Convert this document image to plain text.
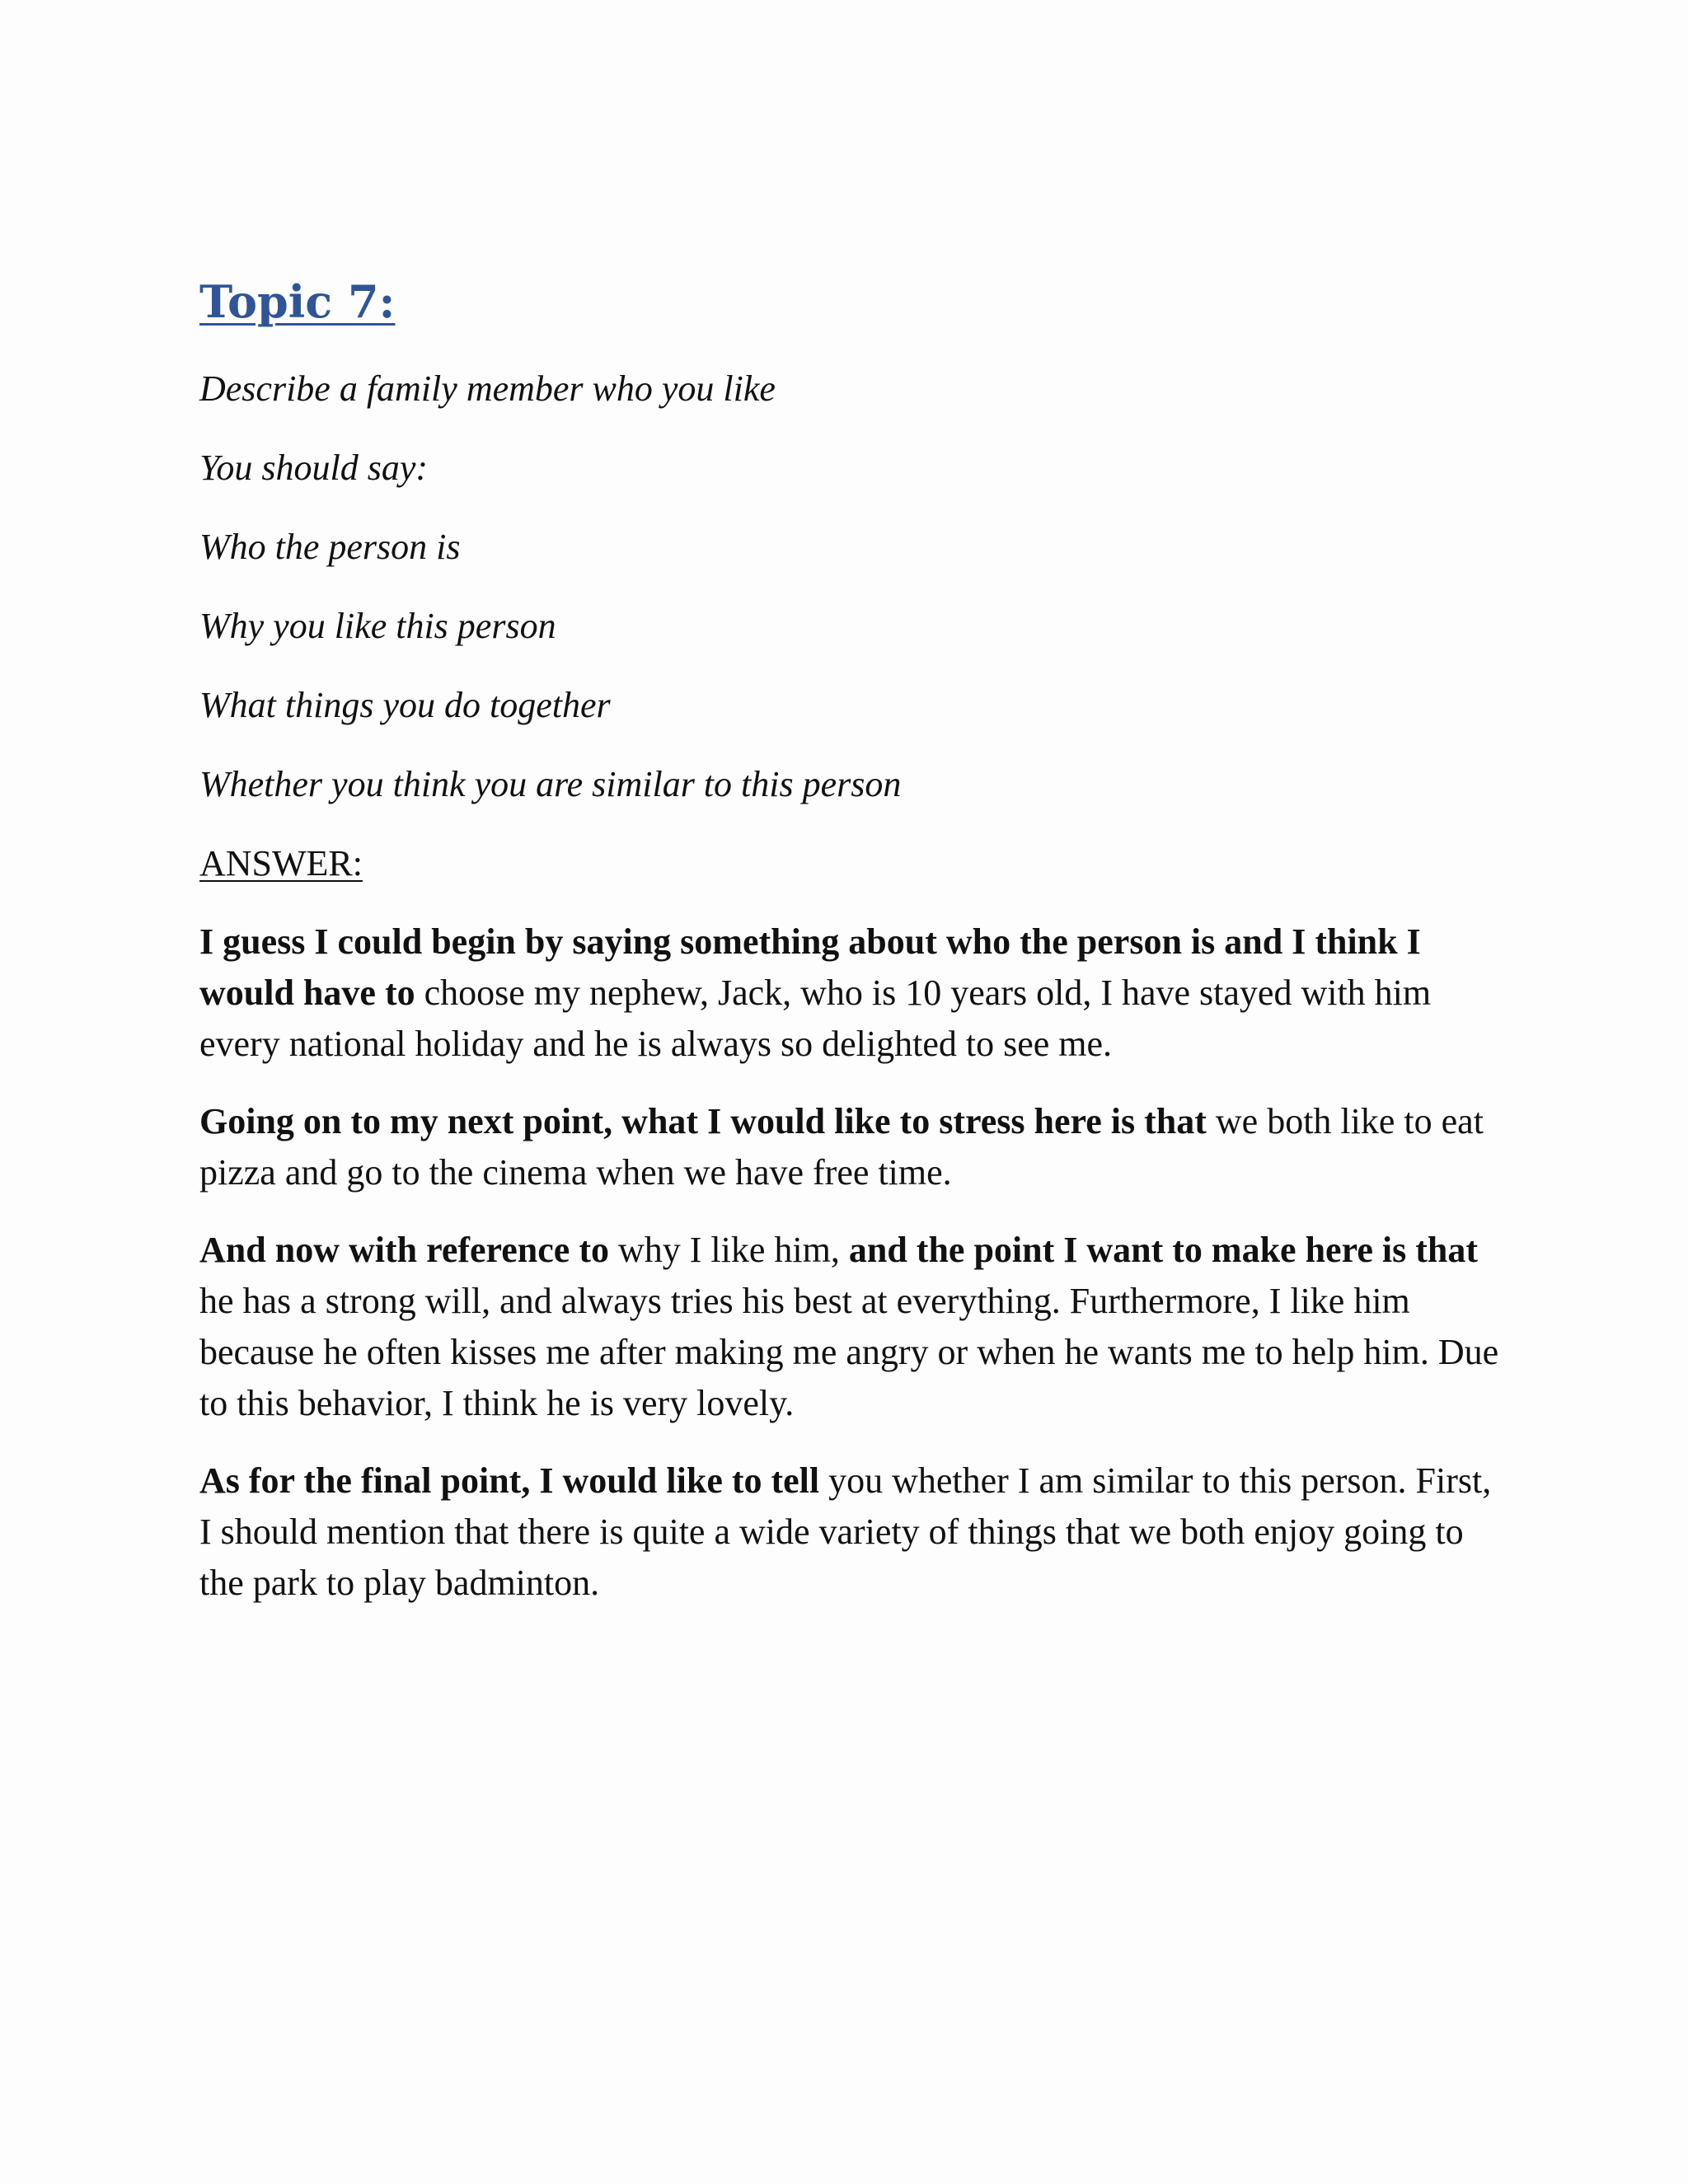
Topic 7:
Describe a family member who you like
You should say:
Who the person is
Why you like this person
What things you do together
Whether you think you are similar to this person
ANSWER:

I guess I could begin by saying something about who the person is and I think I would have to choose my nephew, Jack, who is 10 years old, I have stayed with him every national holiday and he is always so delighted to see me.

Going on to my next point, what I would like to stress here is that we both like to eat pizza and go to the cinema when we have free time.

And now with reference to why I like him, and the point I want to make here is that he has a strong will, and always tries his best at everything. Furthermore, I like him because he often kisses me after making me angry or when he wants me to help him. Due to this behavior, I think he is very lovely.

As for the final point, I would like to tell you whether I am similar to this person. First, I should mention that there is quite a wide variety of things that we both enjoy going to the park to play badminton.
